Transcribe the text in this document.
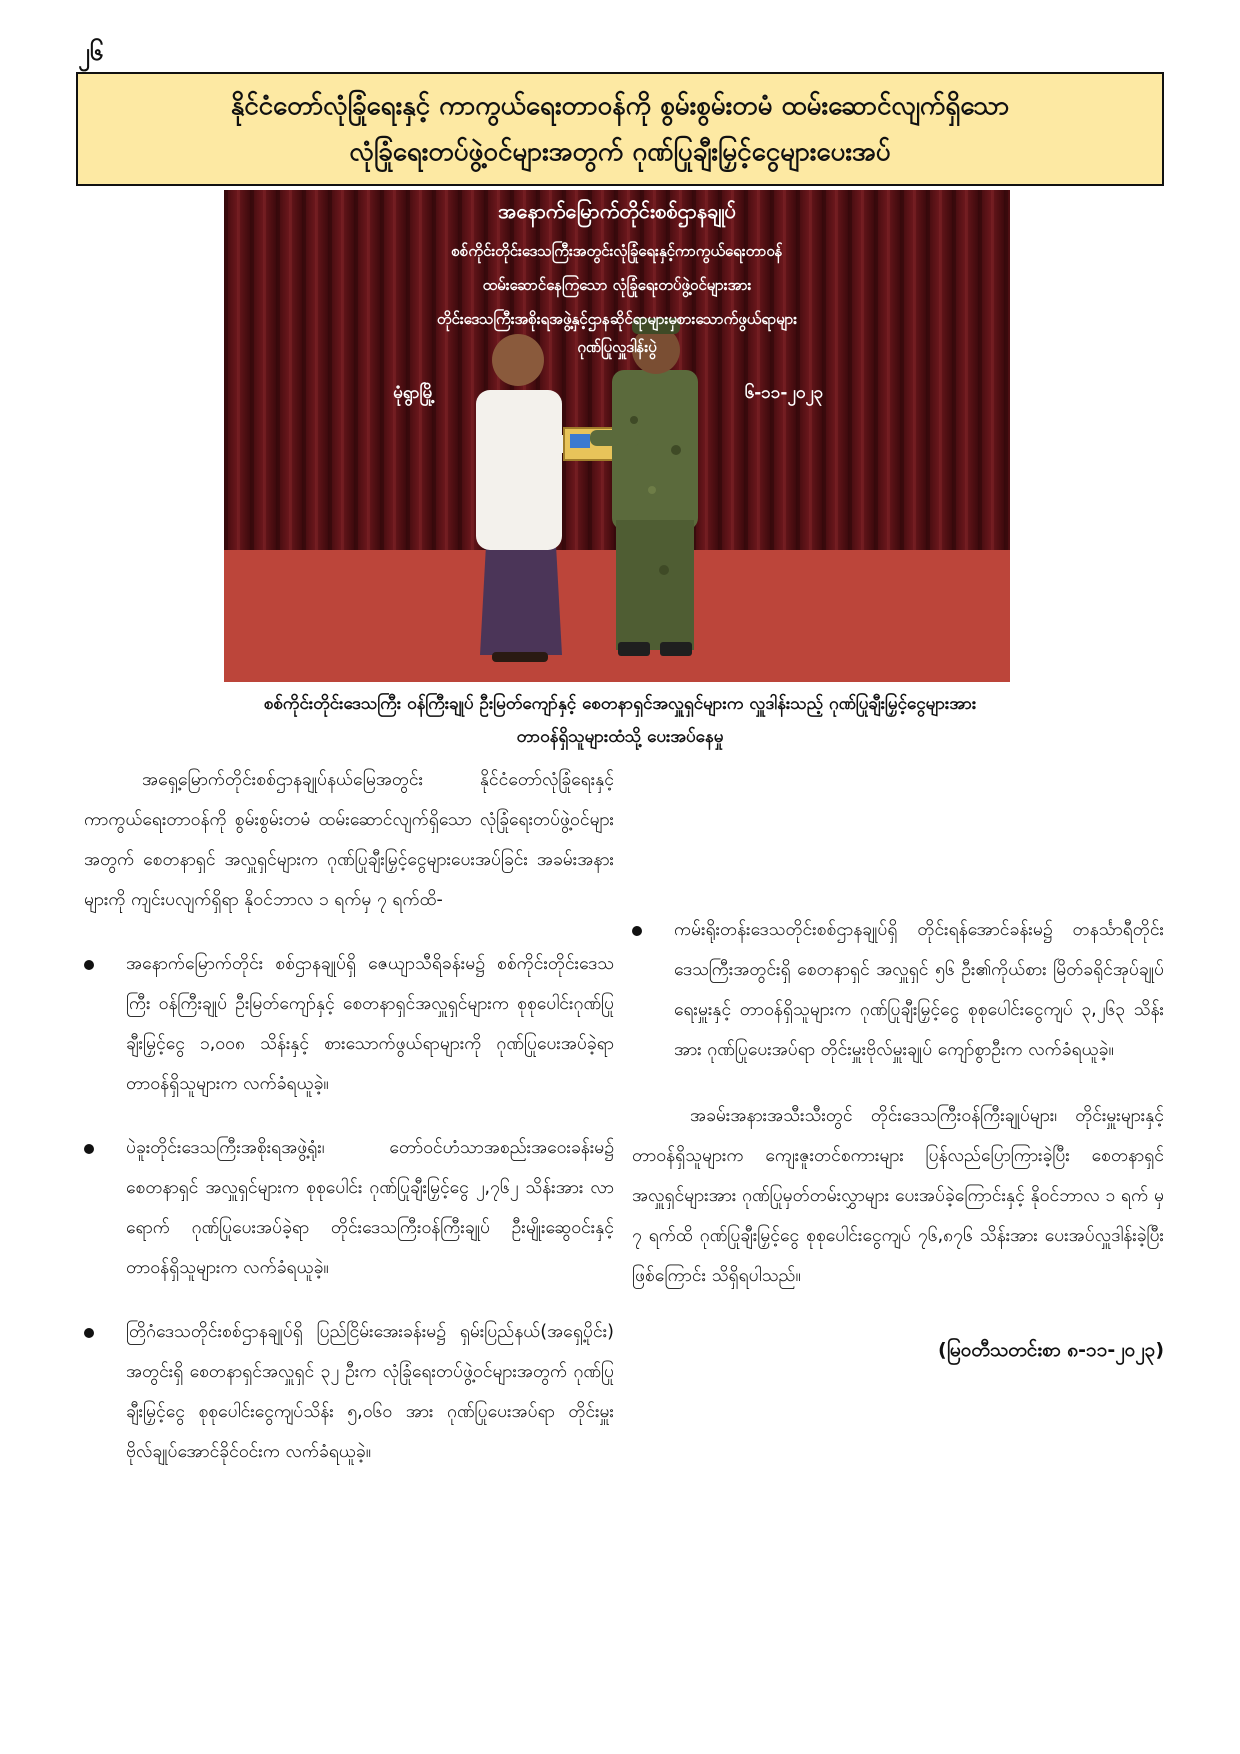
၂၆
နိုင်ငံတော်လုံခြုံရေးနှင့် ကာကွယ်ရေးတာဝန်ကို စွမ်းစွမ်းတမံ ထမ်းဆောင်လျက်ရှိသော
လုံခြုံရေးတပ်ဖွဲ့ဝင်များအတွက် ဂုဏ်ပြုချီးမြှင့်ငွေများပေးအပ်
အနောက်မြောက်တိုင်းစစ်ဌာနချုပ်
စစ်ကိုင်းတိုင်းဒေသကြီးအတွင်းလုံခြုံရေးနှင့်ကာကွယ်ရေးတာဝန်
ထမ်းဆောင်နေကြသော လုံခြုံရေးတပ်ဖွဲ့ဝင်များအား
တိုင်းဒေသကြီးအစိုးရအဖွဲ့နှင့်ဌာနဆိုင်ရာများမှစားသောက်ဖွယ်ရာများ
ဂုဏ်ပြုလှူဒါန်းပွဲ
မုံရွာမြို့	၆-၁၁-၂၀၂၃
စစ်ကိုင်းတိုင်းဒေသကြီး ဝန်ကြီးချုပ် ဦးမြတ်ကျော်နှင့် စေတနာရှင်အလှူရှင်များက လှူဒါန်းသည့် ဂုဏ်ပြုချီးမြှင့်ငွေများအား
တာဝန်ရှိသူများထံသို့ ပေးအပ်နေမှု

အရှေ့မြောက်တိုင်းစစ်ဌာနချုပ်နယ်မြေအတွင်း နိုင်ငံတော်လုံခြုံရေးနှင့် ကာကွယ်ရေးတာဝန်ကို စွမ်းစွမ်းတမံ ထမ်းဆောင်လျက်ရှိသော လုံခြုံရေးတပ်ဖွဲ့ဝင်များအတွက် စေတနာရှင် အလှူရှင်များက ဂုဏ်ပြုချီးမြှင့်ငွေများပေးအပ်ခြင်း အခမ်းအနားများကို ကျင်းပလျက်ရှိရာ နိုဝင်ဘာလ ၁ ရက်မှ ၇ ရက်ထိ-

အနောက်မြောက်တိုင်း စစ်ဌာနချုပ်ရှိ ဇေယျာသီရိခန်းမ၌ စစ်ကိုင်းတိုင်းဒေသကြီး ဝန်ကြီးချုပ် ဦးမြတ်ကျော်နှင့် စေတနာရှင်အလှူရှင်များက စုစုပေါင်းဂုဏ်ပြု ချီးမြှင့်ငွေ ၁,၀၀၈ သိန်းနှင့် စားသောက်ဖွယ်ရာများကို ဂုဏ်ပြုပေးအပ်ခဲ့ရာ တာဝန်ရှိသူများက လက်ခံရယူခဲ့။

ပဲခူးတိုင်းဒေသကြီးအစိုးရအဖွဲ့ရုံး၊ တော်ဝင်ဟံသာအစည်းအဝေးခန်းမ၌ စေတနာရှင် အလှူရှင်များက စုစုပေါင်း ဂုဏ်ပြုချီးမြှင့်ငွေ ၂,၇၆၂ သိန်းအား လာရောက် ဂုဏ်ပြုပေးအပ်ခဲ့ရာ တိုင်းဒေသကြီးဝန်ကြီးချုပ် ဦးမျိုးဆွေဝင်းနှင့် တာဝန်ရှိသူများက လက်ခံရယူခဲ့။

တြိဂံဒေသတိုင်းစစ်ဌာနချုပ်ရှိ ပြည်ငြိမ်းအေးခန်းမ၌ ရှမ်းပြည်နယ်(အရှေ့ပိုင်း) အတွင်းရှိ စေတနာရှင်အလှူရှင် ၃၂ ဦးက လုံခြုံရေးတပ်ဖွဲ့ဝင်များအတွက် ဂုဏ်ပြုချီးမြှင့်ငွေ စုစုပေါင်းငွေကျပ်သိန်း ၅,၀၆၀ အား ဂုဏ်ပြုပေးအပ်ရာ တိုင်းမှူး ဗိုလ်ချုပ်အောင်ခိုင်ဝင်းက လက်ခံရယူခဲ့။

ကမ်းရိုးတန်းဒေသတိုင်းစစ်ဌာနချုပ်ရှိ တိုင်းရန်အောင်ခန်းမ၌ တနင်္သာရီတိုင်းဒေသကြီးအတွင်းရှိ စေတနာရှင် အလှူရှင် ၅၆ ဦး၏ကိုယ်စား မြိတ်ခရိုင်အုပ်ချုပ်ရေးမှူးနှင့် တာဝန်ရှိသူများက ဂုဏ်ပြုချီးမြှင့်ငွေ စုစုပေါင်းငွေကျပ် ၃,၂၆၃ သိန်း အား ဂုဏ်ပြုပေးအပ်ရာ တိုင်းမှူးဗိုလ်မှူးချုပ် ကျော်စွာဦးက လက်ခံရယူခဲ့။

အခမ်းအနားအသီးသီးတွင် တိုင်းဒေသကြီးဝန်ကြီးချုပ်များ၊ တိုင်းမှူးများနှင့် တာဝန်ရှိသူများက ကျေးဇူးတင်စကားများ ပြန်လည်ပြောကြားခဲ့ပြီး စေတနာရှင် အလှူရှင်များအား ဂုဏ်ပြုမှတ်တမ်းလွှာများ ပေးအပ်ခဲ့ကြောင်းနှင့် နိုဝင်ဘာလ ၁ ရက် မှ ၇ ရက်ထိ ဂုဏ်ပြုချီးမြှင့်ငွေ စုစုပေါင်းငွေကျပ် ၇၆,၈၇၆ သိန်းအား ပေးအပ်လှူဒါန်းခဲ့ပြီးဖြစ်ကြောင်း သိရှိရပါသည်။

(မြဝတီသတင်းစာ ၈-၁၁-၂၀၂၃)
